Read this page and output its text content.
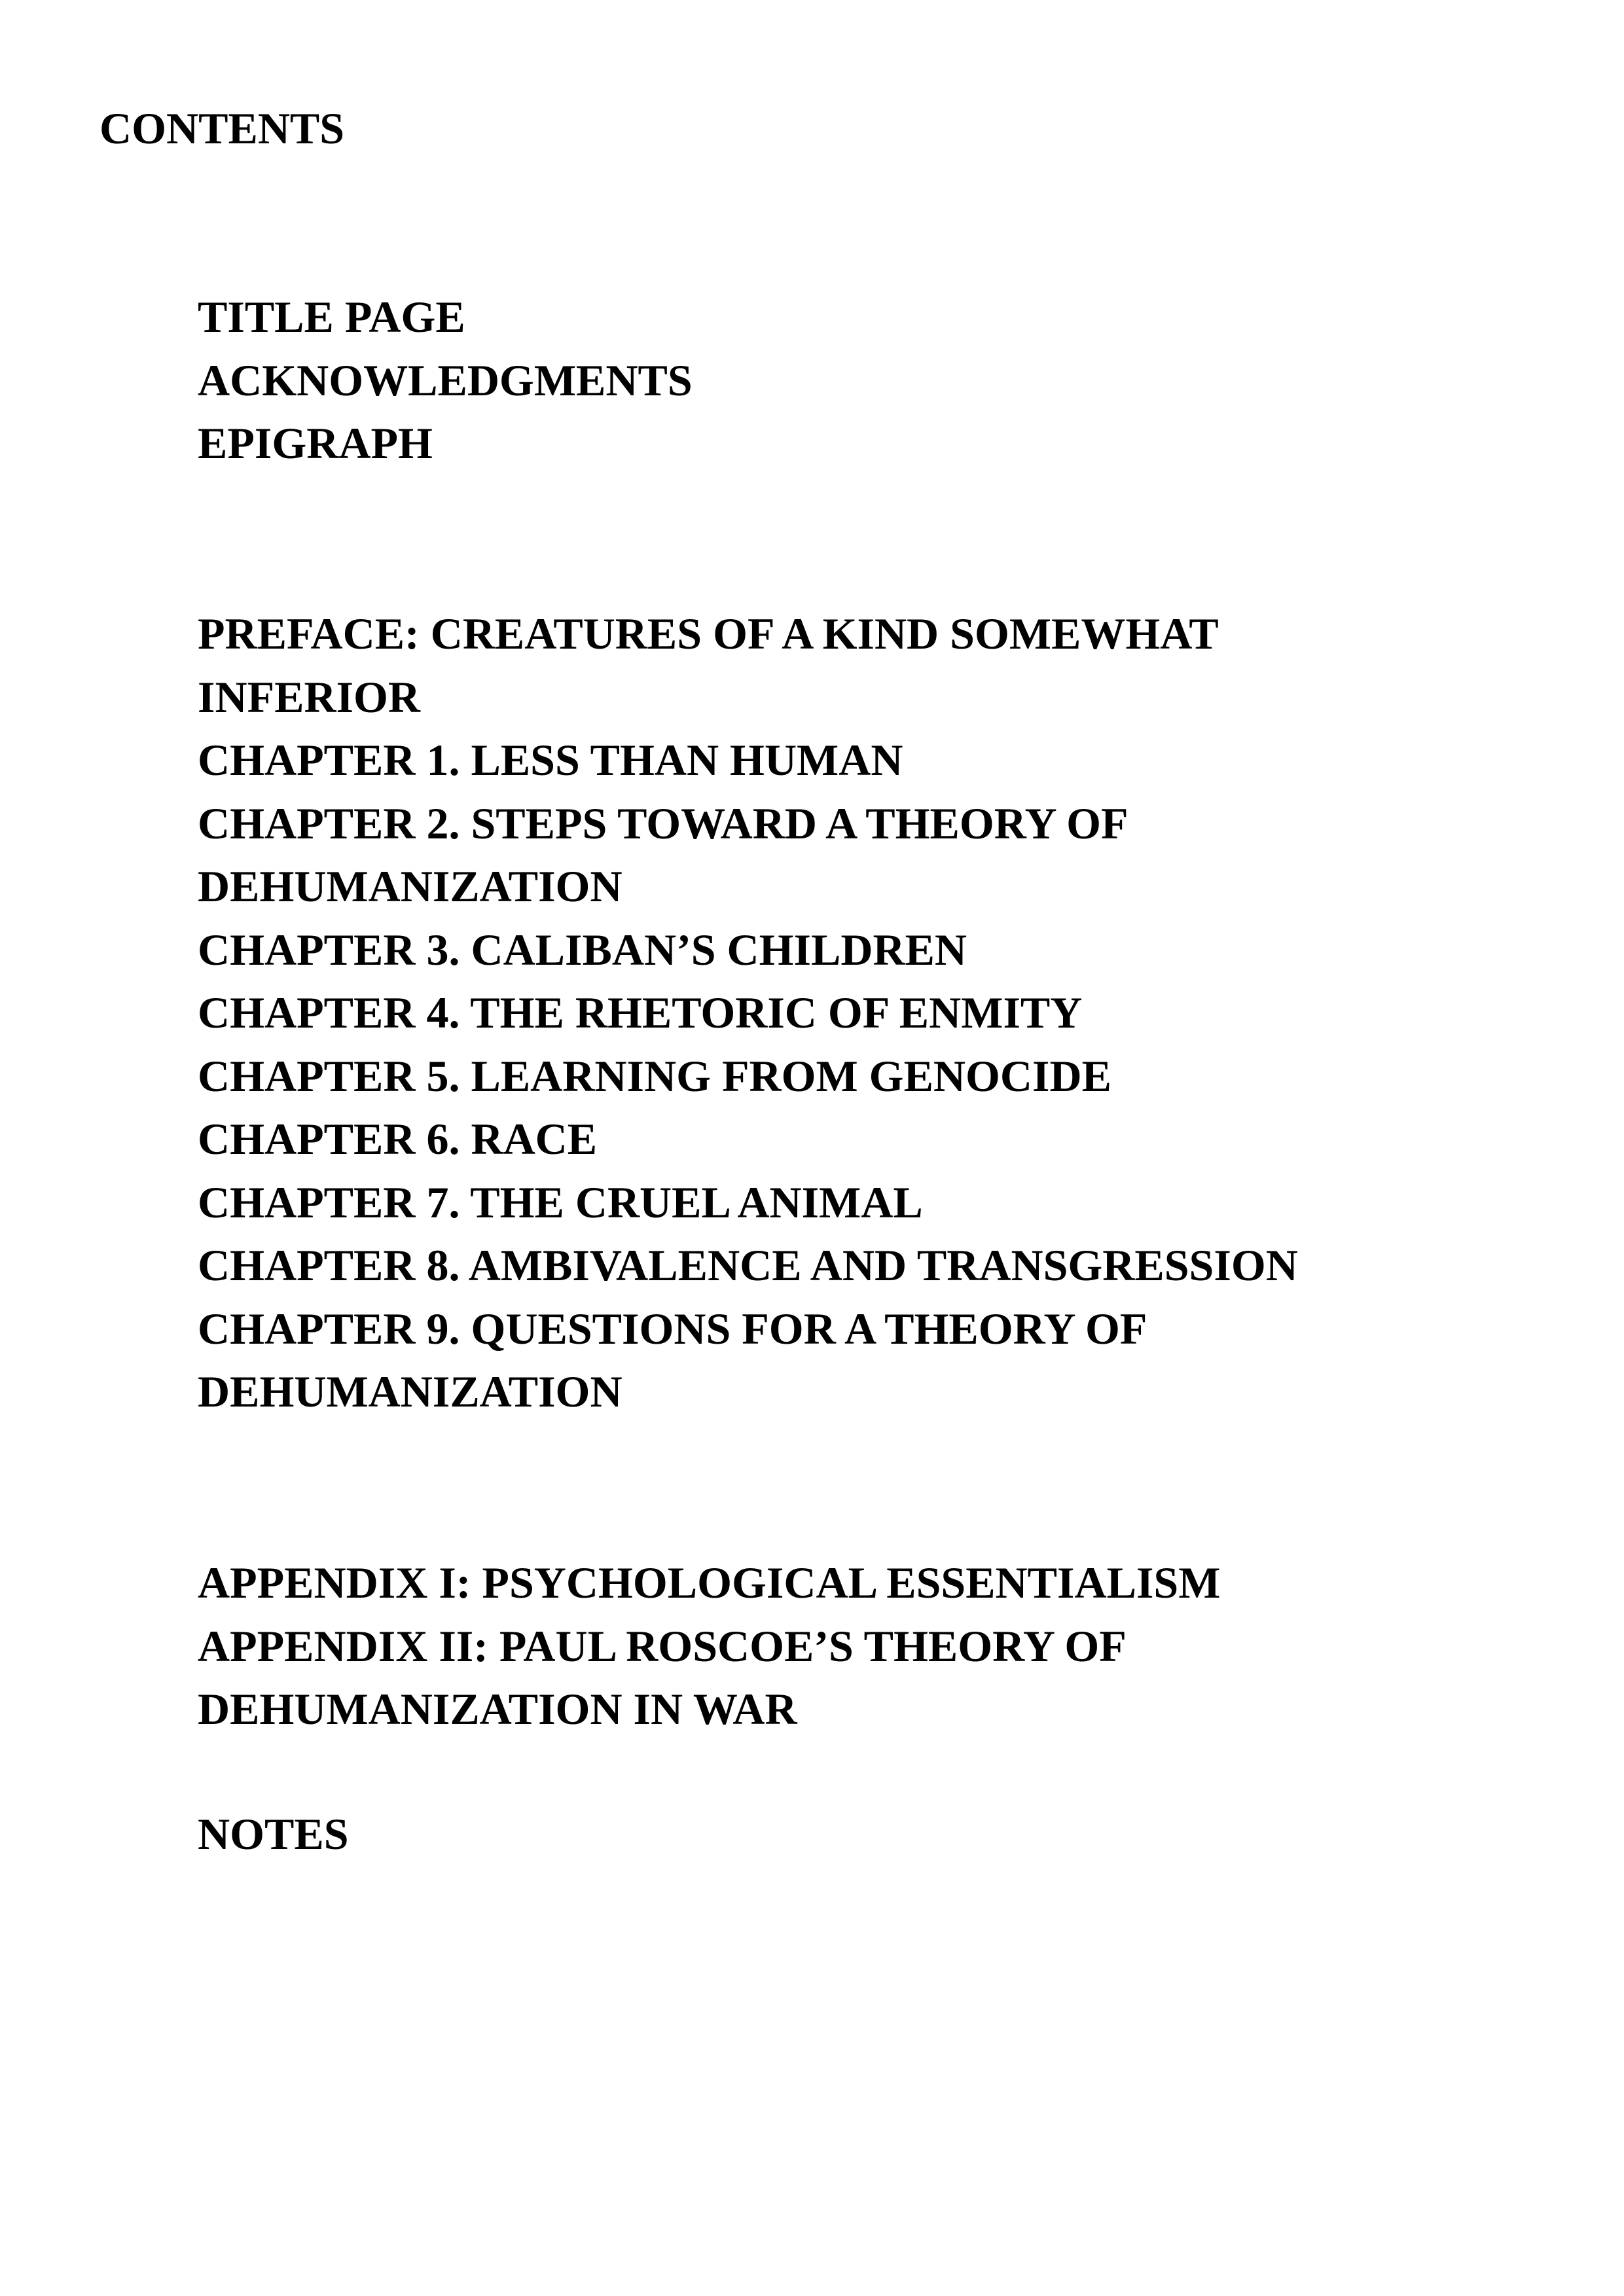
CONTENTS
TITLE PAGE
ACKNOWLEDGMENTS
EPIGRAPH
PREFACE: CREATURES OF A KIND SOMEWHAT
INFERIOR
CHAPTER 1. LESS THAN HUMAN
CHAPTER 2. STEPS TOWARD A THEORY OF
DEHUMANIZATION
CHAPTER 3. CALIBAN’S CHILDREN
CHAPTER 4. THE RHETORIC OF ENMITY
CHAPTER 5. LEARNING FROM GENOCIDE
CHAPTER 6. RACE
CHAPTER 7. THE CRUEL ANIMAL
CHAPTER 8. AMBIVALENCE AND TRANSGRESSION
CHAPTER 9. QUESTIONS FOR A THEORY OF
DEHUMANIZATION
APPENDIX I: PSYCHOLOGICAL ESSENTIALISM
APPENDIX II: PAUL ROSCOE’S THEORY OF
DEHUMANIZATION IN WAR
NOTES
